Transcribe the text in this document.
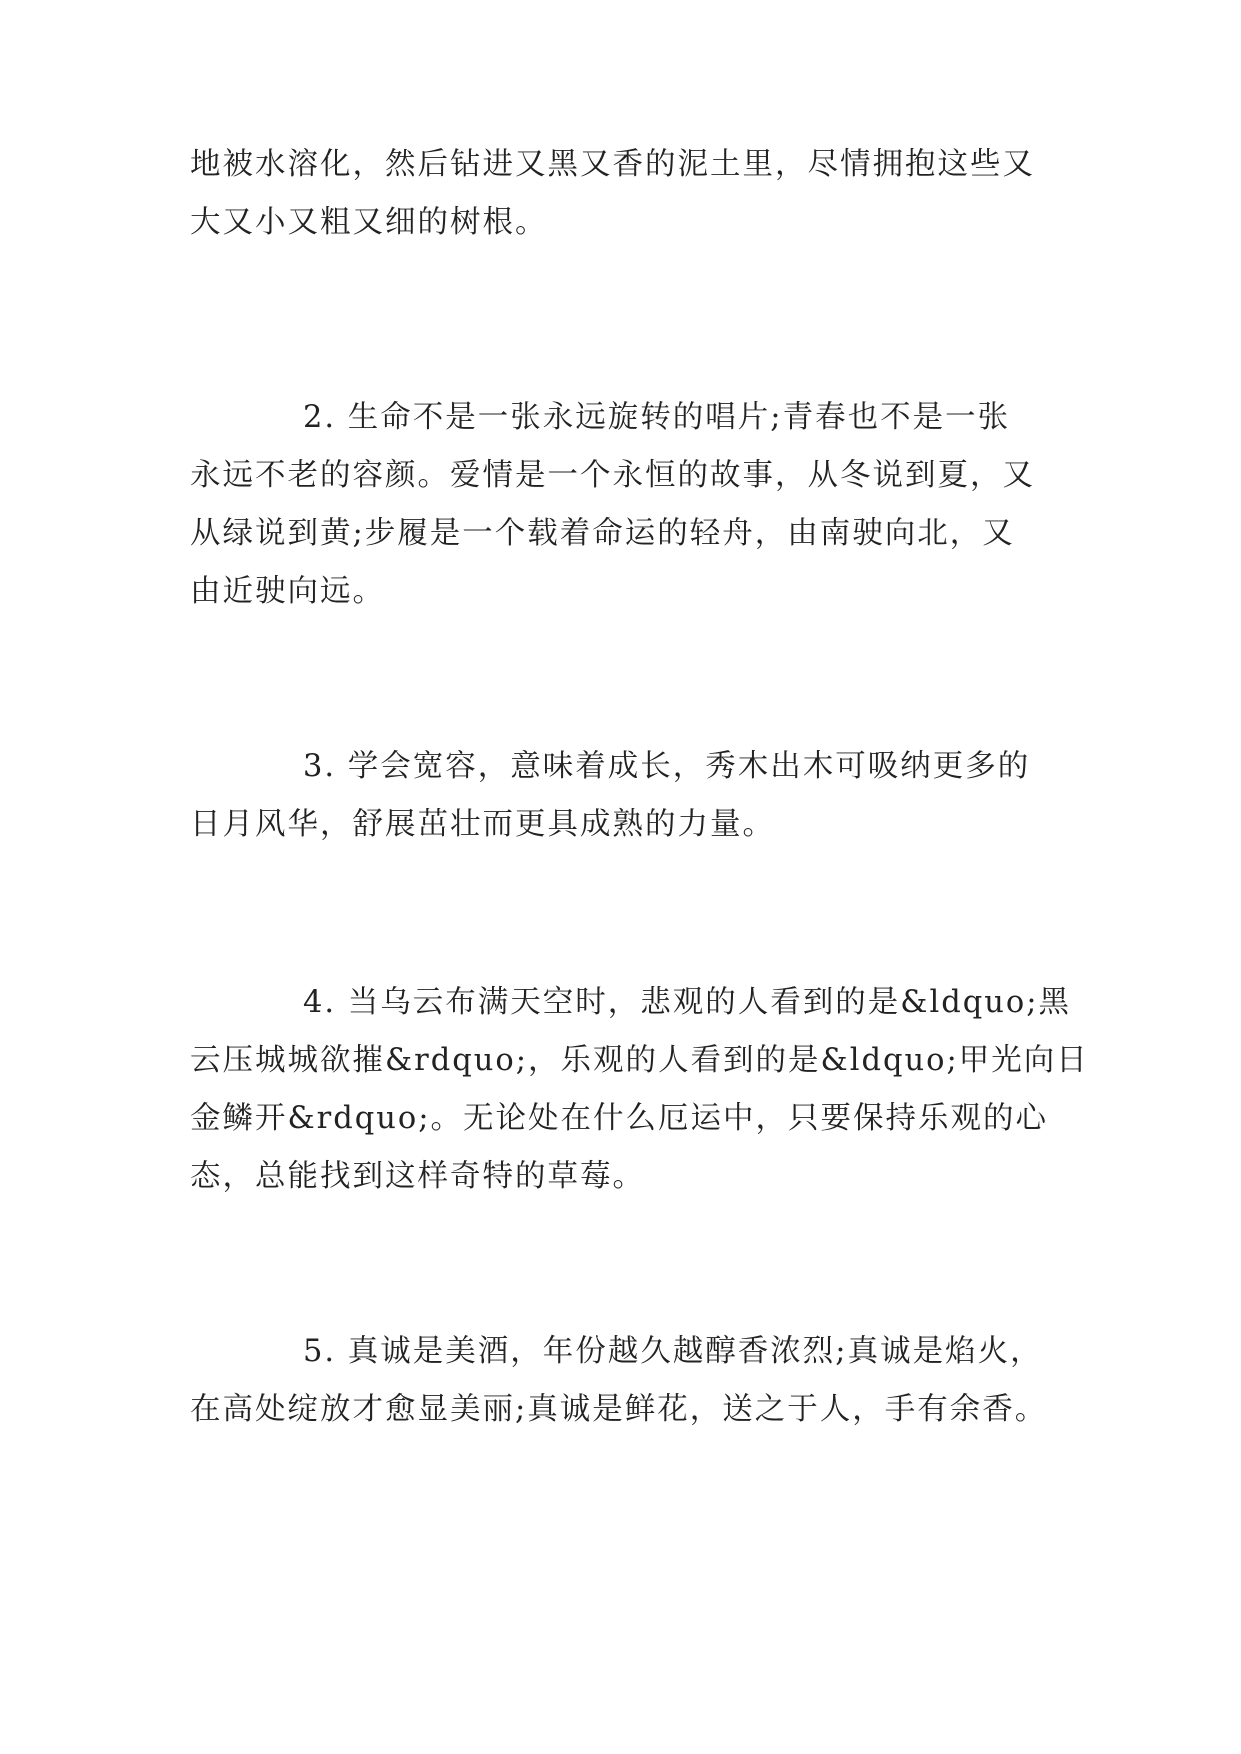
地被水溶化，然后钻进又黑又香的泥土里，尽情拥抱这些又
大又小又粗又细的树根。
2. 生命不是一张永远旋转的唱片;青春也不是一张
永远不老的容颜。爱情是一个永恒的故事，从冬说到夏，又
从绿说到黄;步履是一个载着命运的轻舟，由南驶向北，又
由近驶向远。
3. 学会宽容，意味着成长，秀木出木可吸纳更多的
日月风华，舒展茁壮而更具成熟的力量。
4. 当乌云布满天空时，悲观的人看到的是&ldquo;黑
云压城城欲摧&rdquo;，乐观的人看到的是&ldquo;甲光向日
金鳞开&rdquo;。无论处在什么厄运中，只要保持乐观的心
态，总能找到这样奇特的草莓。
5. 真诚是美酒，年份越久越醇香浓烈;真诚是焰火，
在高处绽放才愈显美丽;真诚是鲜花，送之于人，手有余香。
